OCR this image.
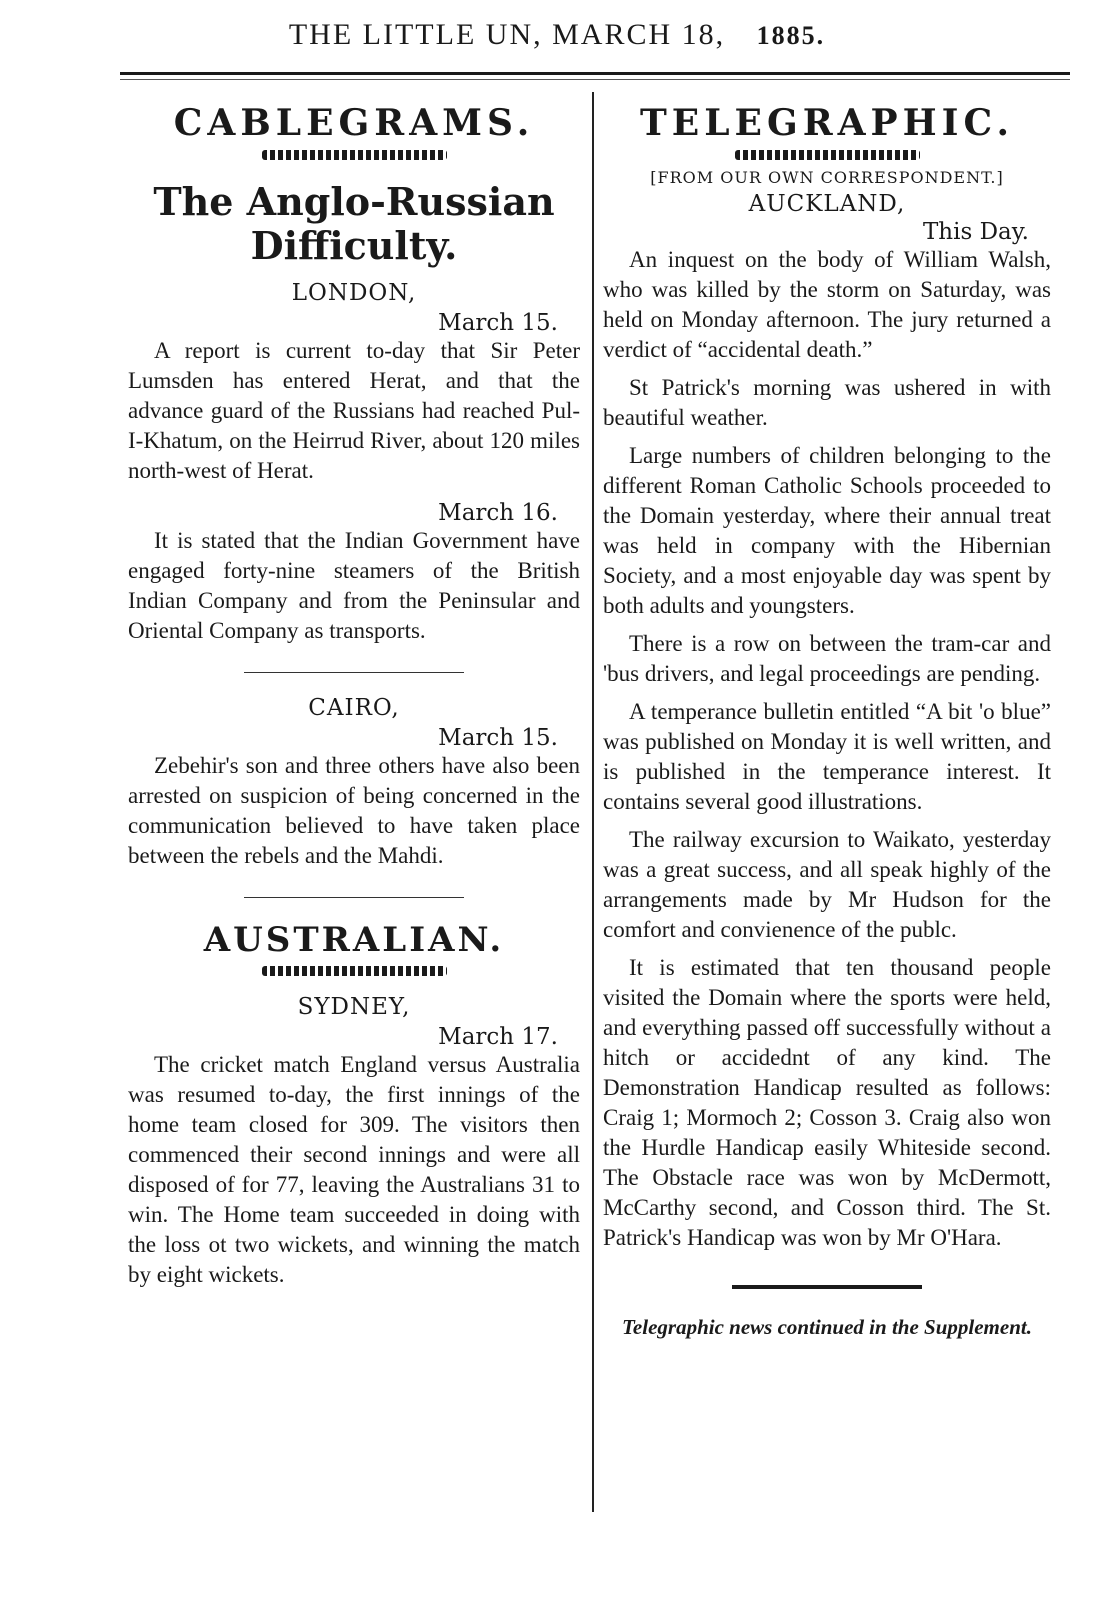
THE LITTLE UN, MARCH 18, 1885.
CABLEGRAMS.
The Anglo-Russian Difficulty.
LONDON,
March 15.

A report is current to-day that Sir Peter Lumsden has entered Herat, and that the advance guard of the Russians had reached Pul-I-Khatum, on the Heirrud River, about 120 miles north-west of Herat.

March 16.

It is stated that the Indian Government have engaged forty-nine steamers of the British Indian Company and from the Peninsular and Oriental Company as transports.

CAIRO,
March 15.

Zebehir's son and three others have also been arrested on suspicion of being concerned in the communication believed to have taken place between the rebels and the Mahdi.

AUSTRALIAN.
SYDNEY,
March 17.

The cricket match England versus Australia was resumed to-day, the first innings of the home team closed for 309. The visitors then commenced their second innings and were all disposed of for 77, leaving the Australians 31 to win. The Home team succeeded in doing with the loss ot two wickets, and winning the match by eight wickets.

TELEGRAPHIC.
[FROM OUR OWN CORRESPONDENT.]
AUCKLAND,
This Day.

An inquest on the body of William Walsh, who was killed by the storm on Saturday, was held on Monday afternoon. The jury returned a verdict of “accidental death.”

St Patrick's morning was ushered in with beautiful weather.

Large numbers of children belonging to the different Roman Catholic Schools proceeded to the Domain yesterday, where their annual treat was held in company with the Hibernian Society, and a most enjoyable day was spent by both adults and youngsters.

There is a row on between the tram-car and 'bus drivers, and legal proceedings are pending.

A temperance bulletin entitled “A bit 'o blue” was published on Monday it is well written, and is published in the temperance interest. It contains several good illustrations.

The railway excursion to Waikato, yesterday was a great success, and all speak highly of the arrangements made by Mr Hudson for the comfort and convienence of the publc.

It is estimated that ten thousand people visited the Domain where the sports were held, and everything passed off successfully without a hitch or accidednt of any kind. The Demonstration Handicap resulted as follows: Craig 1; Mormoch 2; Cosson 3. Craig also won the Hurdle Handicap easily Whiteside second. The Obstacle race was won by McDermott, McCarthy second, and Cosson third. The St. Patrick's Handicap was won by Mr O'Hara.

Telegraphic news continued in the Supplement.
